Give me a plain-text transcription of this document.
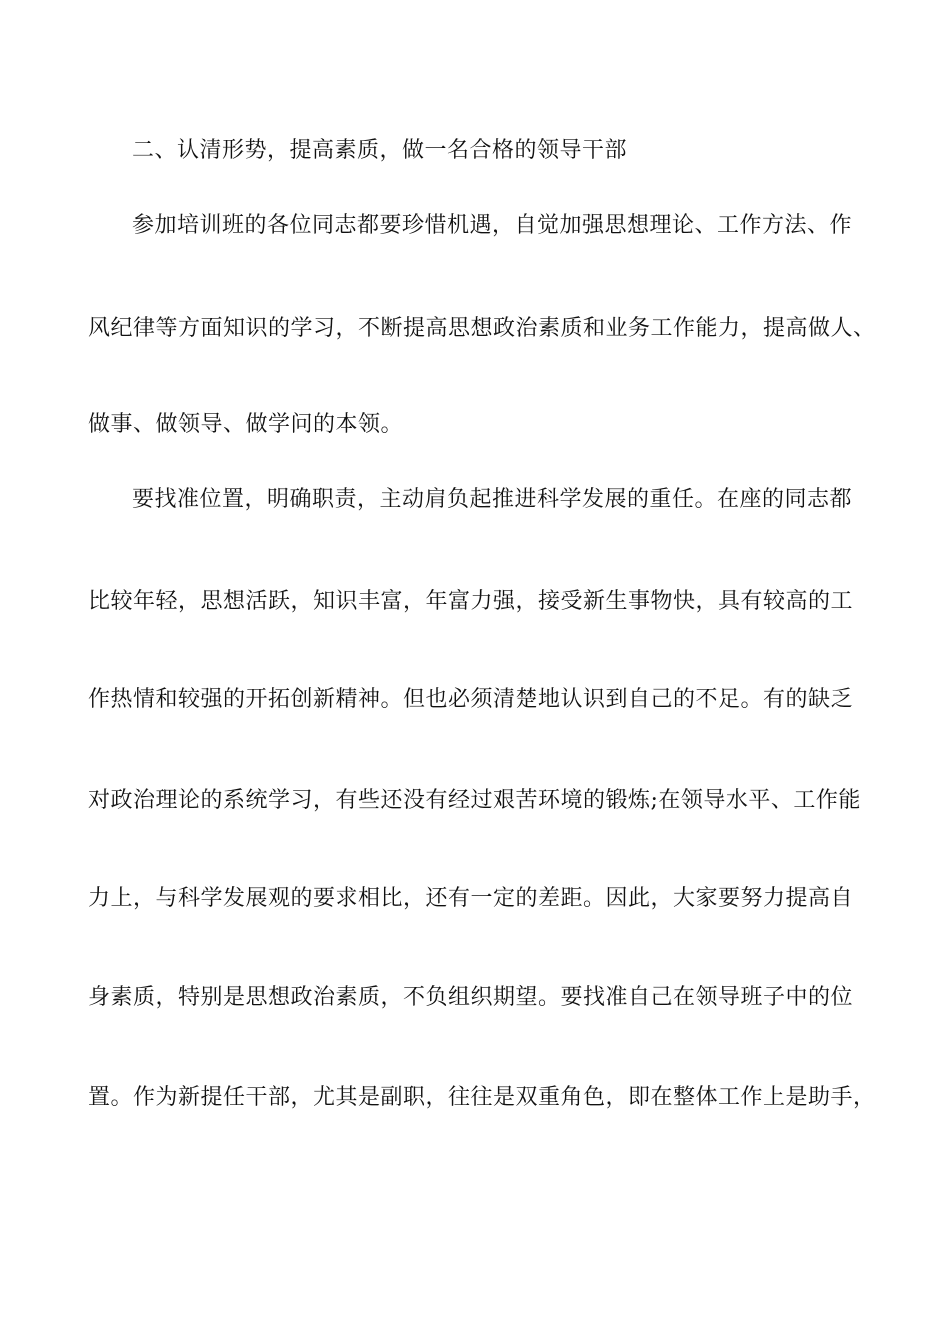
二、认清形势，提高素质，做一名合格的领导干部
参加培训班的各位同志都要珍惜机遇，自觉加强思想理论、工作方法、作
风纪律等方面知识的学习，不断提高思想政治素质和业务工作能力，提高做人、
做事、做领导、做学问的本领。
要找准位置，明确职责，主动肩负起推进科学发展的重任。在座的同志都
比较年轻，思想活跃，知识丰富，年富力强，接受新生事物快，具有较高的工
作热情和较强的开拓创新精神。但也必须清楚地认识到自己的不足。有的缺乏
对政治理论的系统学习，有些还没有经过艰苦环境的锻炼;在领导水平、工作能
力上，与科学发展观的要求相比，还有一定的差距。因此，大家要努力提高自
身素质，特别是思想政治素质，不负组织期望。要找准自己在领导班子中的位
置。作为新提任干部，尤其是副职，往往是双重角色，即在整体工作上是助手，
